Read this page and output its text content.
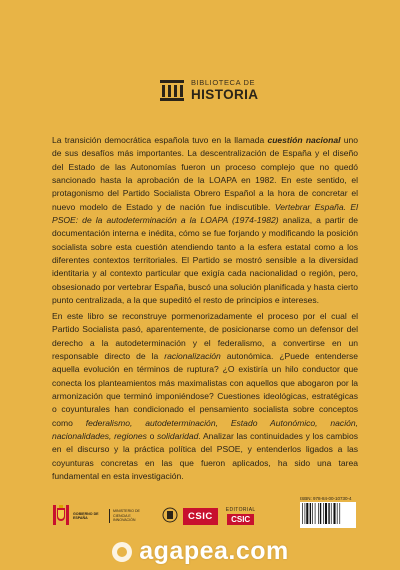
BIBLIOTECA DE
HISTORIA
La transición democrática española tuvo en la llamada cuestión nacional uno de sus desafíos más importantes. La descentralización de España y el diseño del Estado de las Autonomías fueron un proceso complejo que no quedó sancionado hasta la aprobación de la LOAPA en 1982. En este sentido, el protagonismo del Partido Socialista Obrero Español a la hora de concretar el nuevo modelo de Estado y de nación fue indiscutible. Vertebrar España. El PSOE: de la autodeterminación a la LOAPA (1974-1982) analiza, a partir de documentación interna e inédita, cómo se fue forjando y modificando la posición socialista sobre esta cuestión atendiendo tanto a la esfera estatal como a los diferentes contextos territoriales. El Partido se mostró sensible a la diversidad identitaria y al contexto particular que exigía cada nacionalidad o región, pero, obsesionado por vertebrar España, buscó una solución planificada y hasta cierto punto centralizada, a la que supeditó el resto de principios e intereses.
En este libro se reconstruye pormenorizadamente el proceso por el cual el Partido Socialista pasó, aparentemente, de posicionarse como un defensor del derecho a la autodeterminación y el federalismo, a convertirse en un responsable directo de la racionalización autonómica. ¿Puede entenderse aquella evolución en términos de ruptura? ¿O existiría un hilo conductor que conecta los planteamientos más maximalistas con aquellos que abogaron por la armonización que terminó imponiéndose? Cuestiones ideológicas, estratégicas o coyunturales han condicionado el pensamiento socialista sobre conceptos como federalismo, autodeterminación, Estado Autonómico, nación, nacionalidades, regiones o solidaridad. Analizar las continuidades y los cambios en el discurso y la práctica política del PSOE, y entenderlos ligados a las coyunturas concretas en las que fueron aplicados, ha sido una tarea fundamental en esta investigación.
GOBIERNO DE ESPAÑA
MINISTERIO DE CIENCIA E INNOVACIÓN	CSIC
EDITORIAL
CSIC
ISBN: 978-84-00-10730-4
agapea.com
